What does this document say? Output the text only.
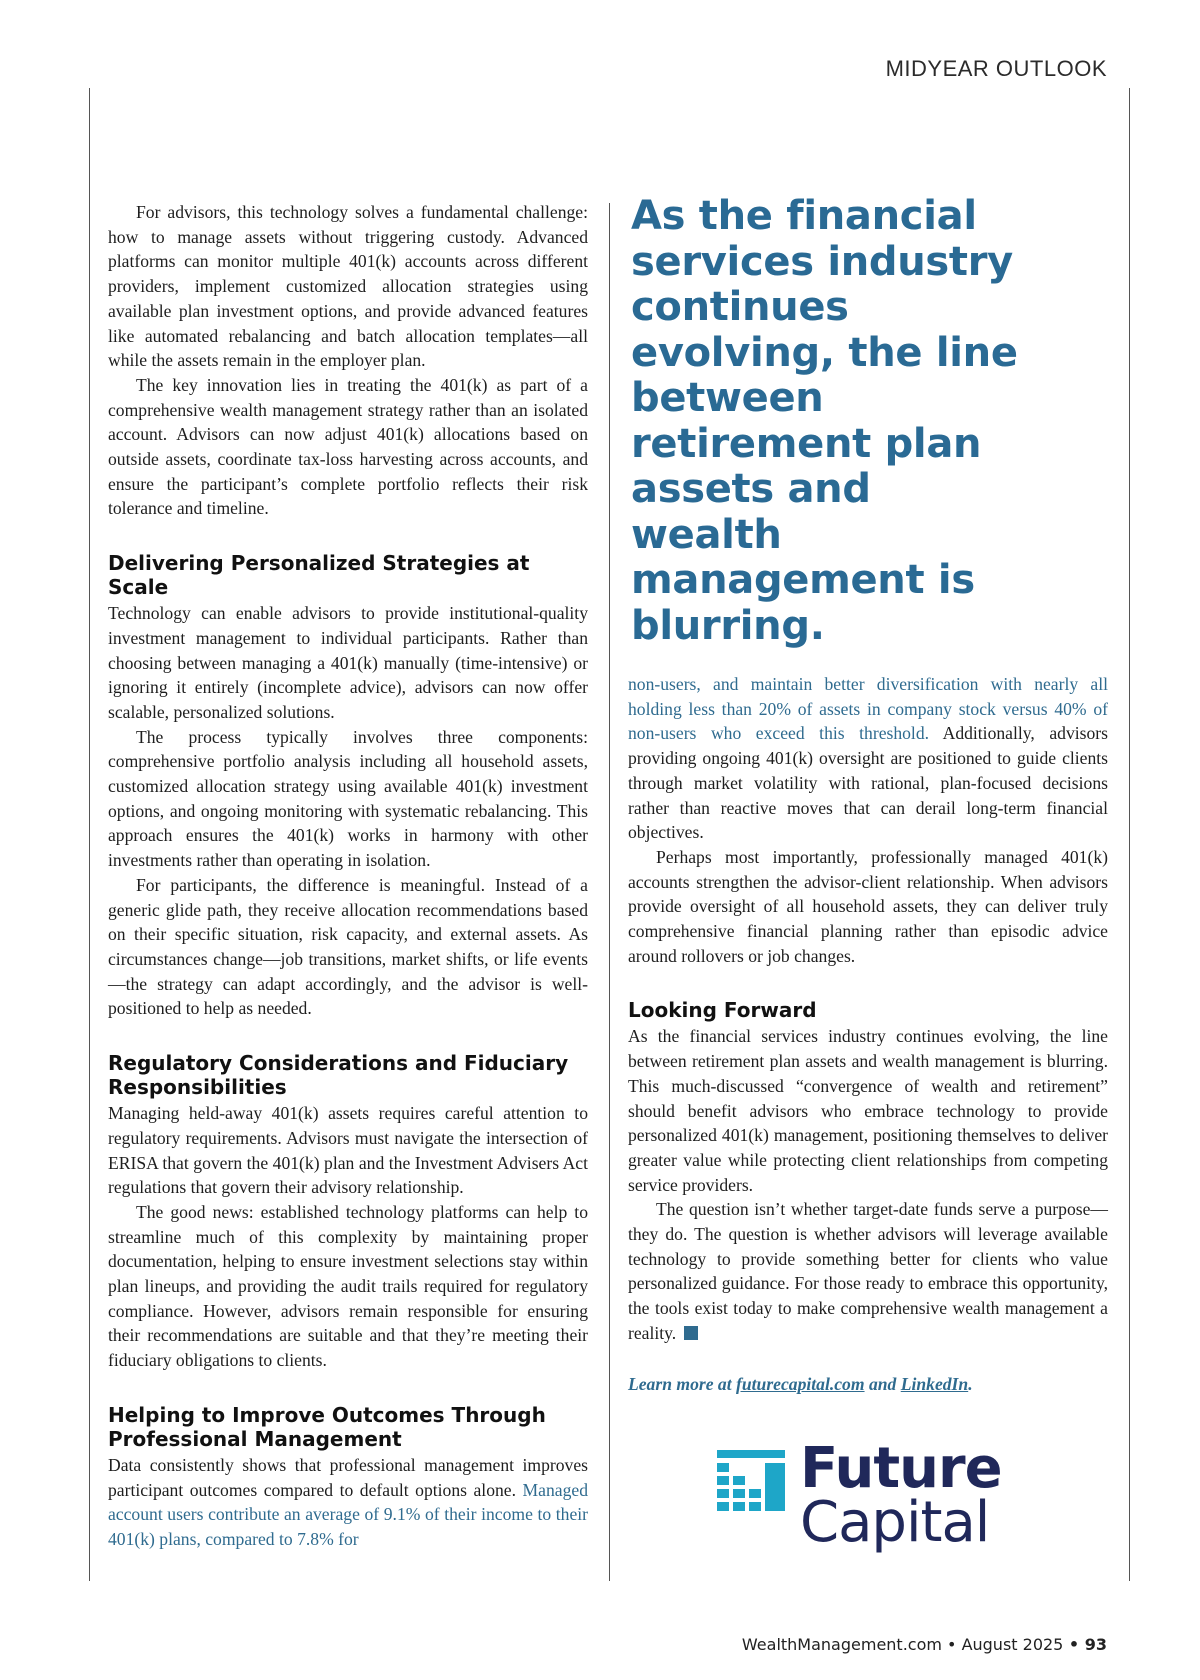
MIDYEAR OUTLOOK

For advisors, this technology solves a fundamental challenge: how to manage assets without triggering custody. Advanced platforms can monitor multiple 401(k) accounts across different providers, implement customized allocation strategies using available plan investment options, and provide advanced features like automated rebalancing and batch allocation templates—all while the assets remain in the employer plan.

The key innovation lies in treating the 401(k) as part of a comprehensive wealth management strategy rather than an isolated account. Advisors can now adjust 401(k) allocations based on outside assets, coordinate tax-loss harvesting across accounts, and ensure the participant’s complete portfolio reflects their risk tolerance and timeline.

Delivering Personalized Strategies at Scale

Technology can enable advisors to provide institutional-quality investment management to individual participants. Rather than choosing between managing a 401(k) manually (time-intensive) or ignoring it entirely (incomplete advice), advisors can now offer scalable, personalized solutions.

The process typically involves three components: comprehensive portfolio analysis including all household assets, customized allocation strategy using available 401(k) investment options, and ongoing monitoring with systematic rebalancing. This approach ensures the 401(k) works in harmony with other investments rather than operating in isolation.

For participants, the difference is meaningful. Instead of a generic glide path, they receive allocation recommendations based on their specific situation, risk capacity, and external assets. As circumstances change—job transitions, market shifts, or life events—the strategy can adapt accordingly, and the advisor is well-positioned to help as needed.

Regulatory Considerations and Fiduciary Responsibilities

Managing held-away 401(k) assets requires careful attention to regulatory requirements. Advisors must navigate the intersection of ERISA that govern the 401(k) plan and the Investment Advisers Act regulations that govern their advisory relationship.

The good news: established technology platforms can help to streamline much of this complexity by maintaining proper documentation, helping to ensure investment selections stay within plan lineups, and providing the audit trails required for regulatory compliance. However, advisors remain responsible for ensuring their recommendations are suitable and that they’re meeting their fiduciary obligations to clients.

Helping to Improve Outcomes Through Professional Management

Data consistently shows that professional management improves participant outcomes compared to default options alone. Managed account users contribute an average of 9.1% of their income to their 401(k) plans, compared to 7.8% for

As the financial services industry continues evolving, the line between retirement plan assets and wealth management is blurring.

non-users, and maintain better diversification with nearly all holding less than 20% of assets in company stock versus 40% of non-users who exceed this threshold. Additionally, advisors providing ongoing 401(k) oversight are positioned to guide clients through market volatility with rational, plan-focused decisions rather than reactive moves that can derail long-term financial objectives.

Perhaps most importantly, professionally managed 401(k) accounts strengthen the advisor-client relationship. When advisors provide oversight of all household assets, they can deliver truly comprehensive financial planning rather than episodic advice around rollovers or job changes.

Looking Forward

As the financial services industry continues evolving, the line between retirement plan assets and wealth management is blurring. This much-discussed “convergence of wealth and retirement” should benefit advisors who embrace technology to provide personalized 401(k) management, positioning themselves to deliver greater value while protecting client relationships from competing service providers.

The question isn’t whether target-date funds serve a purpose—they do. The question is whether advisors will leverage available technology to provide something better for clients who value personalized guidance. For those ready to embrace this opportunity, the tools exist today to make comprehensive wealth management a reality.

Learn more at futurecapital.com and LinkedIn.
Future
Capital
WealthManagement.com • August 2025 • 93
